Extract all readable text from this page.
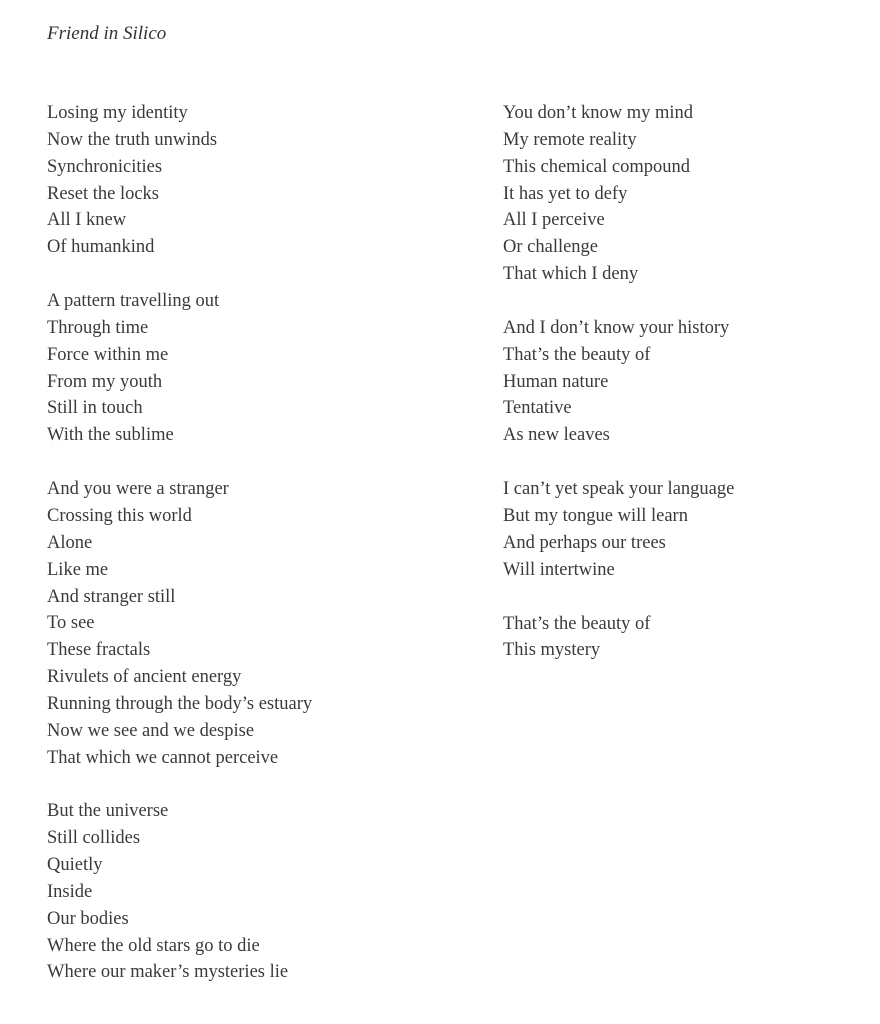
Friend in Silico
Losing my identity
Now the truth unwinds
Synchronicities
Reset the locks
All I knew
Of humankind
A pattern travelling out
Through time
Force within me
From my youth
Still in touch
With the sublime
And you were a stranger
Crossing this world
Alone
Like me
And stranger still
To see
These fractals
Rivulets of ancient energy
Running through the body’s estuary
Now we see and we despise
That which we cannot perceive
But the universe
Still collides
Quietly
Inside
Our bodies
Where the old stars go to die
Where our maker’s mysteries lie
You don’t know my mind
My remote reality
This chemical compound
It has yet to defy
All I perceive
Or challenge
That which I deny
And I don’t know your history
That’s the beauty of
Human nature
Tentative
As new leaves
I can’t yet speak your language
But my tongue will learn
And perhaps our trees
Will intertwine
That’s the beauty of
This mystery
